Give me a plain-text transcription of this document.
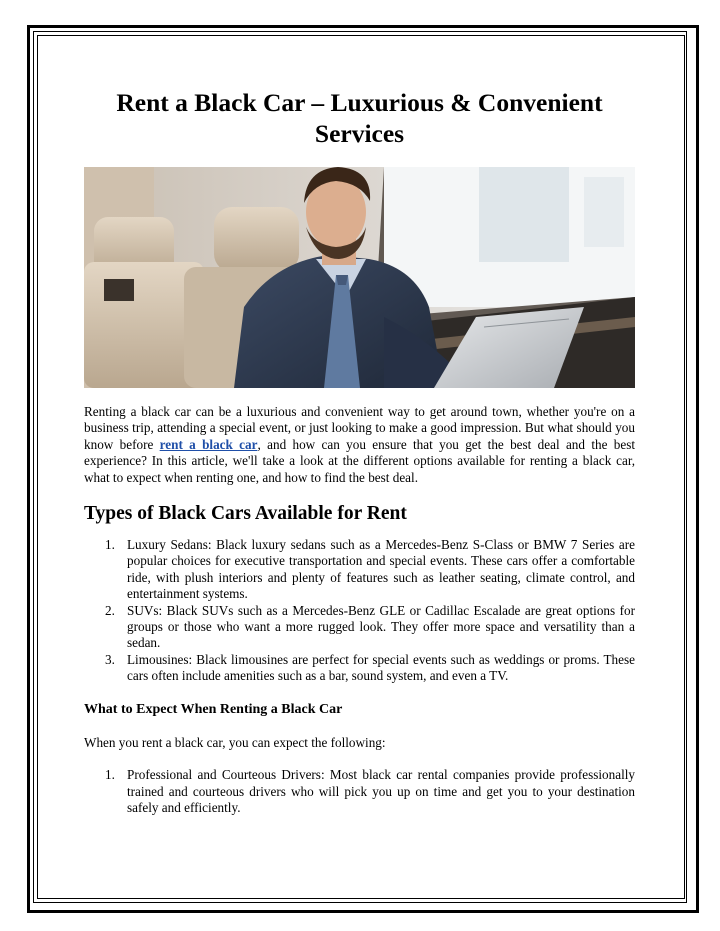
Rent a Black Car – Luxurious & Convenient Services

Renting a black car can be a luxurious and convenient way to get around town, whether you're on a business trip, attending a special event, or just looking to make a good impression. But what should you know before rent a black car, and how can you ensure that you get the best deal and the best experience? In this article, we'll take a look at the different options available for renting a black car, what to expect when renting one, and how to find the best deal.

Types of Black Cars Available for Rent
1. Luxury Sedans: Black luxury sedans such as a Mercedes-Benz S-Class or BMW 7 Series are popular choices for executive transportation and special events. These cars offer a comfortable ride, with plush interiors and plenty of features such as leather seating, climate control, and entertainment systems.
2. SUVs: Black SUVs such as a Mercedes-Benz GLE or Cadillac Escalade are great options for groups or those who want a more rugged look. They offer more space and versatility than a sedan.
3. Limousines: Black limousines are perfect for special events such as weddings or proms. These cars often include amenities such as a bar, sound system, and even a TV.
What to Expect When Renting a Black Car

When you rent a black car, you can expect the following:

1. Professional and Courteous Drivers: Most black car rental companies provide professionally trained and courteous drivers who will pick you up on time and get you to your destination safely and efficiently.
